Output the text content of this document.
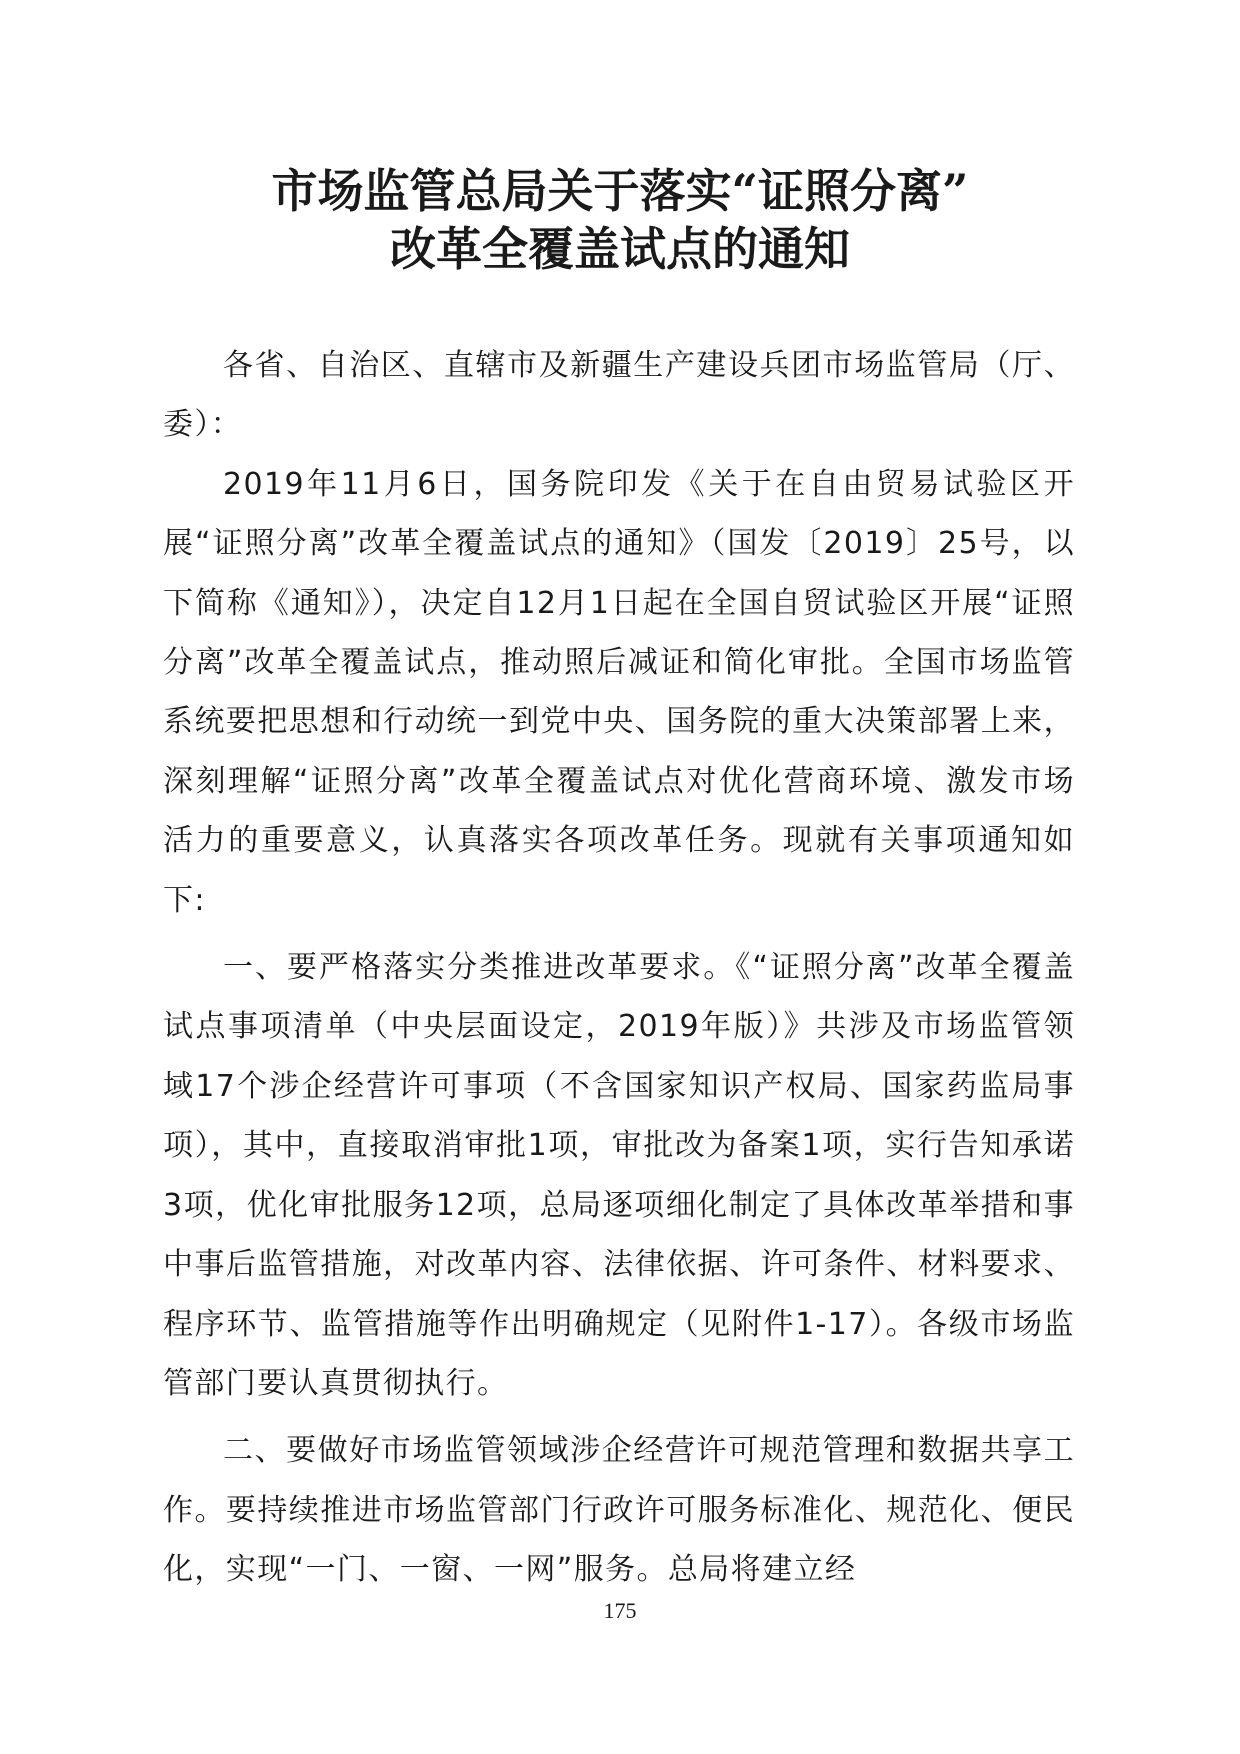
市场监管总局关于落实“证照分离”
改革全覆盖试点的通知

各省、自治区、直辖市及新疆生产建设兵团市场监管局（厅、委）：

2019年11月6日，国务院印发《关于在自由贸易试验区开展“证照分离”改革全覆盖试点的通知》（国发〔2019〕25号，以下简称《通知》），决定自12月1日起在全国自贸试验区开展“证照分离”改革全覆盖试点，推动照后减证和简化审批。全国市场监管系统要把思想和行动统一到党中央、国务院的重大决策部署上来，深刻理解“证照分离”改革全覆盖试点对优化营商环境、激发市场活力的重要意义，认真落实各项改革任务。现就有关事项通知如下:

一、要严格落实分类推进改革要求。《“证照分离”改革全覆盖试点事项清单（中央层面设定，2019年版）》共涉及市场监管领域17个涉企经营许可事项（不含国家知识产权局、国家药监局事项），其中，直接取消审批1项，审批改为备案1项，实行告知承诺3项，优化审批服务12项，总局逐项细化制定了具体改革举措和事中事后监管措施，对改革内容、法律依据、许可条件、材料要求、程序环节、监管措施等作出明确规定（见附件1-17）。各级市场监管部门要认真贯彻执行。

二、要做好市场监管领域涉企经营许可规范管理和数据共享工作。要持续推进市场监管部门行政许可服务标准化、规范化、便民化，实现“一门、一窗、一网”服务。总局将建立经

175
